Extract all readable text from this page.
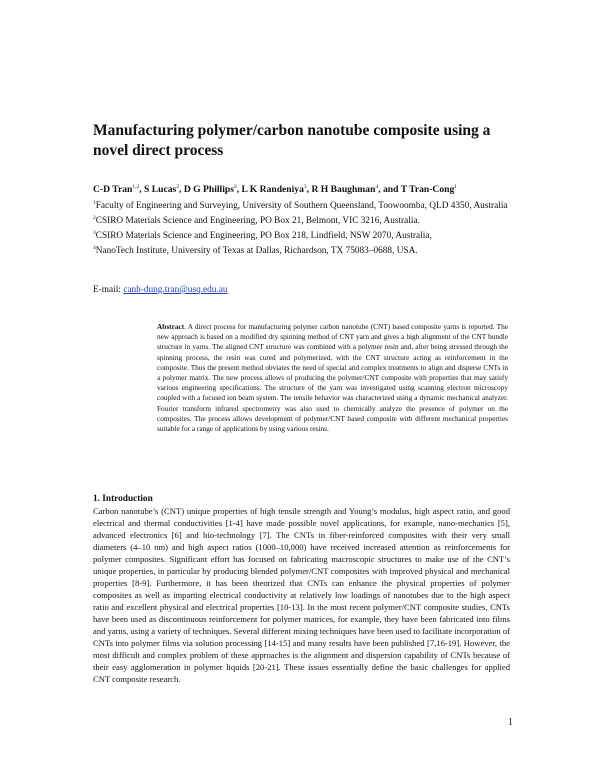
Manufacturing polymer/carbon nanotube composite using a novel direct process

C-D Tran$^{1,2}$, S Lucas$^2$, D G Phillips$^2$, L K Randeniya$^3$, R H Baughman$^4$, and T Tran-Cong$^1$

$^1$Faculty of Engineering and Surveying, University of Southern Queensland, Toowoomba, QLD 4350, Australia

$^2$CSIRO Materials Science and Engineering, PO Box 21, Belmont, VIC 3216, Australia.

$^3$CSIRO Materials Science and Engineering, PO Box 218, Lindfield, NSW 2070, Australia,

$^4$NanoTech Institute, University of Texas at Dallas, Richardson, TX 75083–0688, USA.

E-mail: canh-dung.tran@usq.edu.au

Abstract. A direct process for manufacturing polymer carbon nanotube (CNT) based composite yarns is reported. The new approach is based on a modified dry spinning method of CNT yarn and gives a high alignment of the CNT bundle structure in yarns. The aligned CNT structure was combined with a polymer resin and, after being stressed through the spinning process, the resin was cured and polymerized, with the CNT structure acting as reinforcement in the composite. Thus the present method obviates the need of special and complex treatments to align and disperse CNTs in a polymer matrix. The new process allows of producing the polymer/CNT composite with properties that may satisfy various engineering specifications. The structure of the yarn was investigated using scanning electron microscopy coupled with a focused ion beam system. The tensile behavior was characterized using a dynamic mechanical analyzer. Fourier transform infrared spectrometry was also used to chemically analyze the presence of polymer on the composites. The process allows development of polymer/CNT based composite with different mechanical properties suitable for a range of applications by using various resins.

1. Introduction

Carbon nanotube’s (CNT) unique properties of high tensile strength and Young’s modulus, high aspect ratio, and good electrical and thermal conductivities [1-4] have made possible novel applications, for example, nano-mechanics [5], advanced electronics [6] and bio-technology [7]. The CNTs in fiber-reinforced composites with their very small diameters (4–10 nm) and high aspect ratios (1000–10,000) have received increased attention as reinforcements for polymer composites. Significant effort has focused on fabricating macroscopic structures to make use of the CNT’s unique properties, in particular by producing blended polymer/CNT composites with improved physical and mechanical properties [8-9]. Furthermore, it has been theorized that CNTs can enhance the physical properties of polymer composites as well as imparting electrical conductivity at relatively low loadings of nanotubes due to the high aspect ratio and excellent physical and electrical properties [10-13]. In the most recent polymer/CNT composite studies, CNTs have been used as discontinuous reinforcement for polymer matrices, for example, they have been fabricated into films and yarns, using a variety of techniques. Several different mixing techniques have been used to facilitate incorporation of CNTs into polymer films via solution processing [14-15] and many results have been published [7,16-19]. However, the most difficult and complex problem of these approaches is the alignment and dispersion capability of CNTs because of their easy agglomeration in polymer liquids [20-21]. These issues essentially define the basic challenges for applied CNT composite research.

1
